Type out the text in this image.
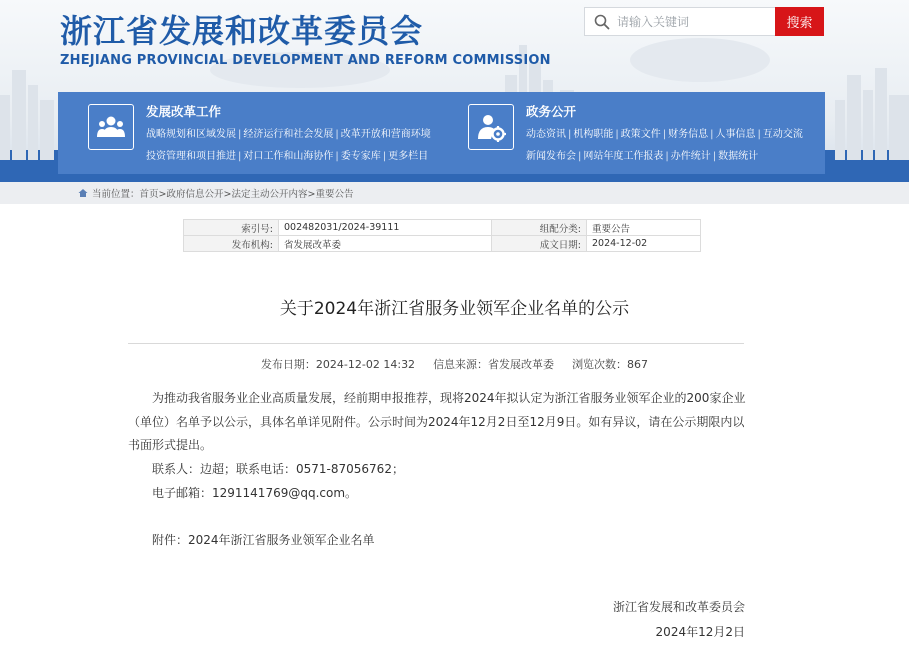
浙江省发展和改革委员会
ZHEJIANG PROVINCIAL DEVELOPMENT AND REFORM COMMISSION
请输入关键词
搜索
发展改革工作
战略规划和区域发展 | 经济运行和社会发展 | 改革开放和营商环境
投资管理和项目推进 | 对口工作和山海协作 | 委专家库 | 更多栏目
政务公开
动态资讯 | 机构职能 | 政策文件 | 财务信息 | 人事信息 | 互动交流
新闻发布会 | 网站年度工作报表 | 办件统计 | 数据统计
当前位置：首页>政府信息公开>法定主动公开内容>重要公告
索引号:	002482031/2024-39111	组配分类:	重要公告
发布机构:	省发展改革委	成文日期:	2024-12-02
关于2024年浙江省服务业领军企业名单的公示
发布日期：2024-12-02 14:32 信息来源：省发展改革委 浏览次数：867
为推动我省服务业企业高质量发展，经前期申报推荐，现将2024年拟认定为浙江省服务业领军企业的200家企业（单位）名单予以公示，具体名单详见附件。公示时间为2024年12月2日至12月9日。如有异议，请在公示期限内以书面形式提出。
联系人：边超；联系电话：0571-87056762；
电子邮箱：1291141769@qq.com。
附件：2024年浙江省服务业领军企业名单
浙江省发展和改革委员会
2024年12月2日
